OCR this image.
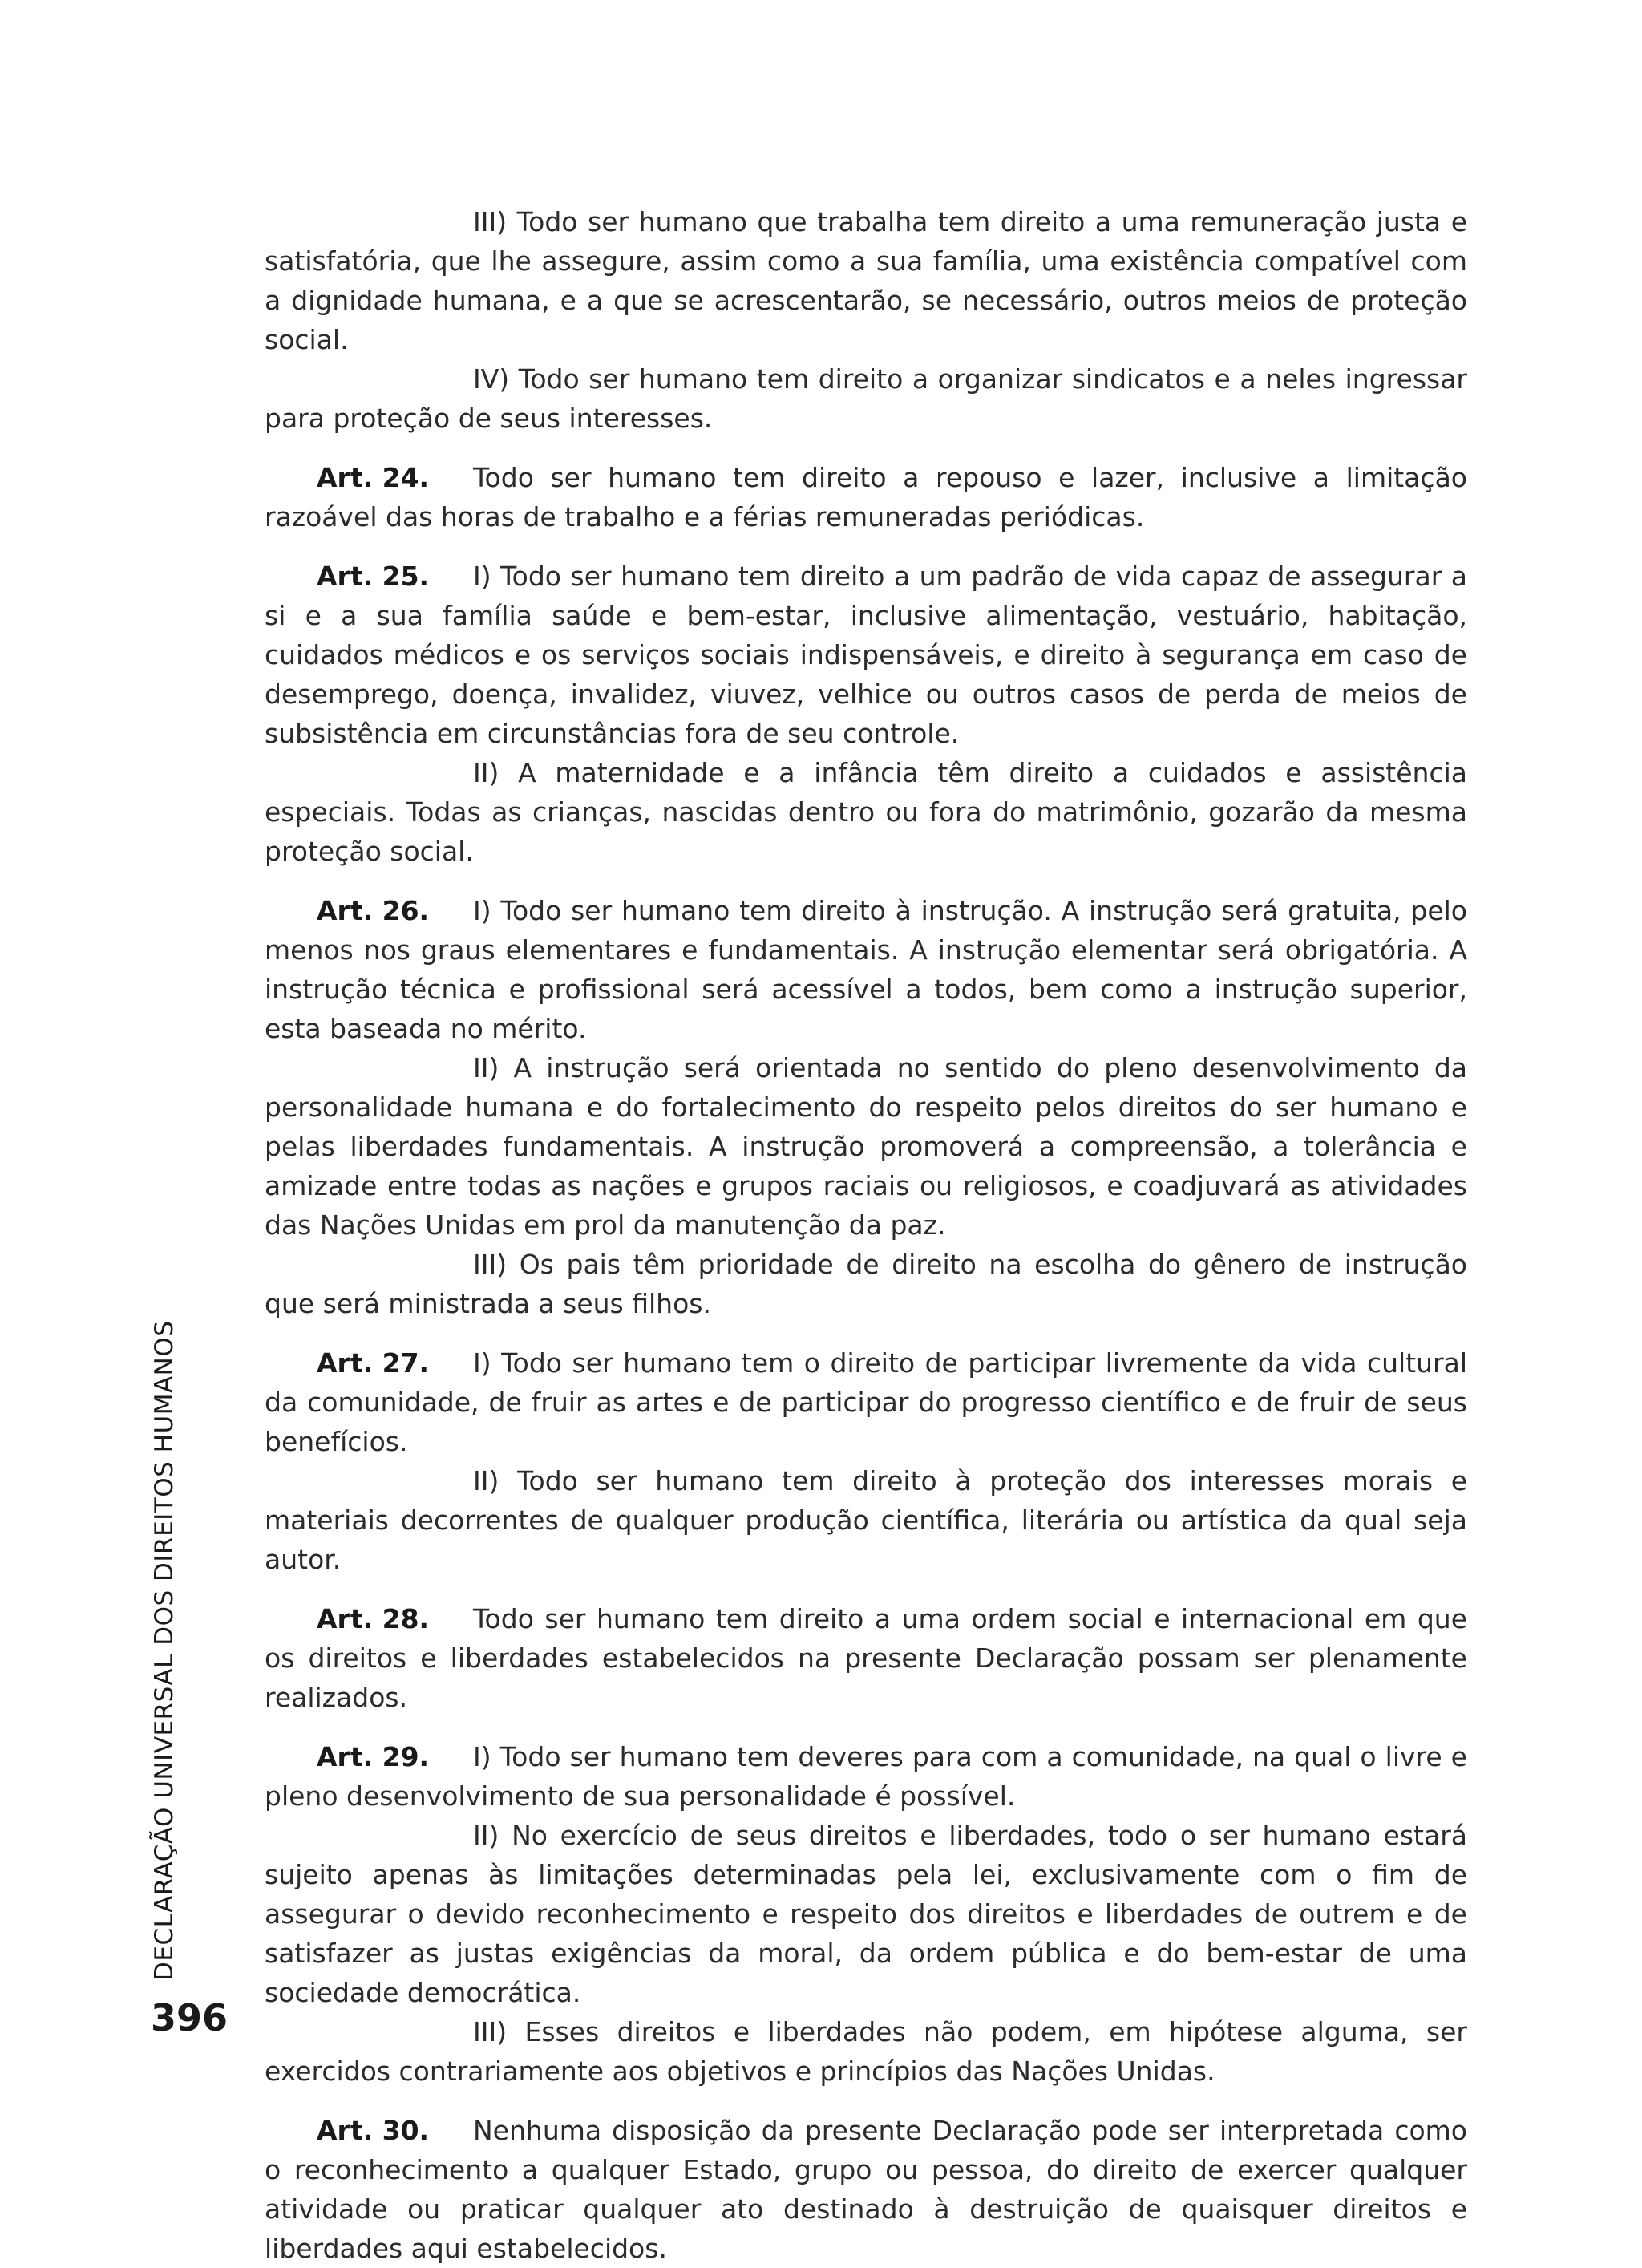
III) Todo ser humano que trabalha tem direito a uma remuneração justa e satisfatória, que lhe assegure, assim como a sua família, uma existência compatível com a dignidade humana, e a que se acrescentarão, se necessário, outros meios de proteção social.

IV) Todo ser humano tem direito a organizar sindicatos e a neles ingressar para proteção de seus interesses.

Art. 24. Todo ser humano tem direito a repouso e lazer, inclusive a limitação razoável das horas de trabalho e a férias remuneradas periódicas.

Art. 25. I) Todo ser humano tem direito a um padrão de vida capaz de assegurar a si e a sua família saúde e bem-estar, inclusive alimentação, vestuário, habitação, cuidados médicos e os serviços sociais indispensáveis, e direito à segurança em caso de desemprego, doença, invalidez, viuvez, velhice ou outros casos de perda de meios de subsistência em circunstâncias fora de seu controle.

II) A maternidade e a infância têm direito a cuidados e assistência especiais. Todas as crianças, nascidas dentro ou fora do matrimônio, gozarão da mesma proteção social.

Art. 26. I) Todo ser humano tem direito à instrução. A instrução será gratuita, pelo menos nos graus elementares e fundamentais. A instrução elementar será obrigatória. A instrução técnica e profissional será acessível a todos, bem como a instrução superior, esta baseada no mérito.

II) A instrução será orientada no sentido do pleno desenvolvimento da personalidade humana e do fortalecimento do respeito pelos direitos do ser humano e pelas liberdades fundamentais. A instrução promoverá a compreensão, a tolerância e amizade entre todas as nações e grupos raciais ou religiosos, e coadjuvará as atividades das Nações Unidas em prol da manutenção da paz.

III) Os pais têm prioridade de direito na escolha do gênero de instrução que será ministrada a seus filhos.

Art. 27. I) Todo ser humano tem o direito de participar livremente da vida cultural da comunidade, de fruir as artes e de participar do progresso científico e de fruir de seus benefícios.

II) Todo ser humano tem direito à proteção dos interesses morais e materiais decorrentes de qualquer produção científica, literária ou artística da qual seja autor.

Art. 28. Todo ser humano tem direito a uma ordem social e internacional em que os direitos e liberdades estabelecidos na presente Declaração possam ser plenamente realizados.

Art. 29. I) Todo ser humano tem deveres para com a comunidade, na qual o livre e pleno desenvolvimento de sua personalidade é possível.

II) No exercício de seus direitos e liberdades, todo o ser humano estará sujeito apenas às limitações determinadas pela lei, exclusivamente com o fim de assegurar o devido reconhecimento e respeito dos direitos e liberdades de outrem e de satisfazer as justas exigências da moral, da ordem pública e do bem-estar de uma sociedade democrática.

III) Esses direitos e liberdades não podem, em hipótese alguma, ser exercidos contrariamente aos objetivos e princípios das Nações Unidas.

Art. 30. Nenhuma disposição da presente Declaração pode ser interpretada como o reconhecimento a qualquer Estado, grupo ou pessoa, do direito de exercer qualquer atividade ou praticar qualquer ato destinado à destruição de quaisquer direitos e liberdades aqui estabelecidos.

DECLARAÇÃO UNIVERSAL DOS DIREITOS HUMANOS
396
